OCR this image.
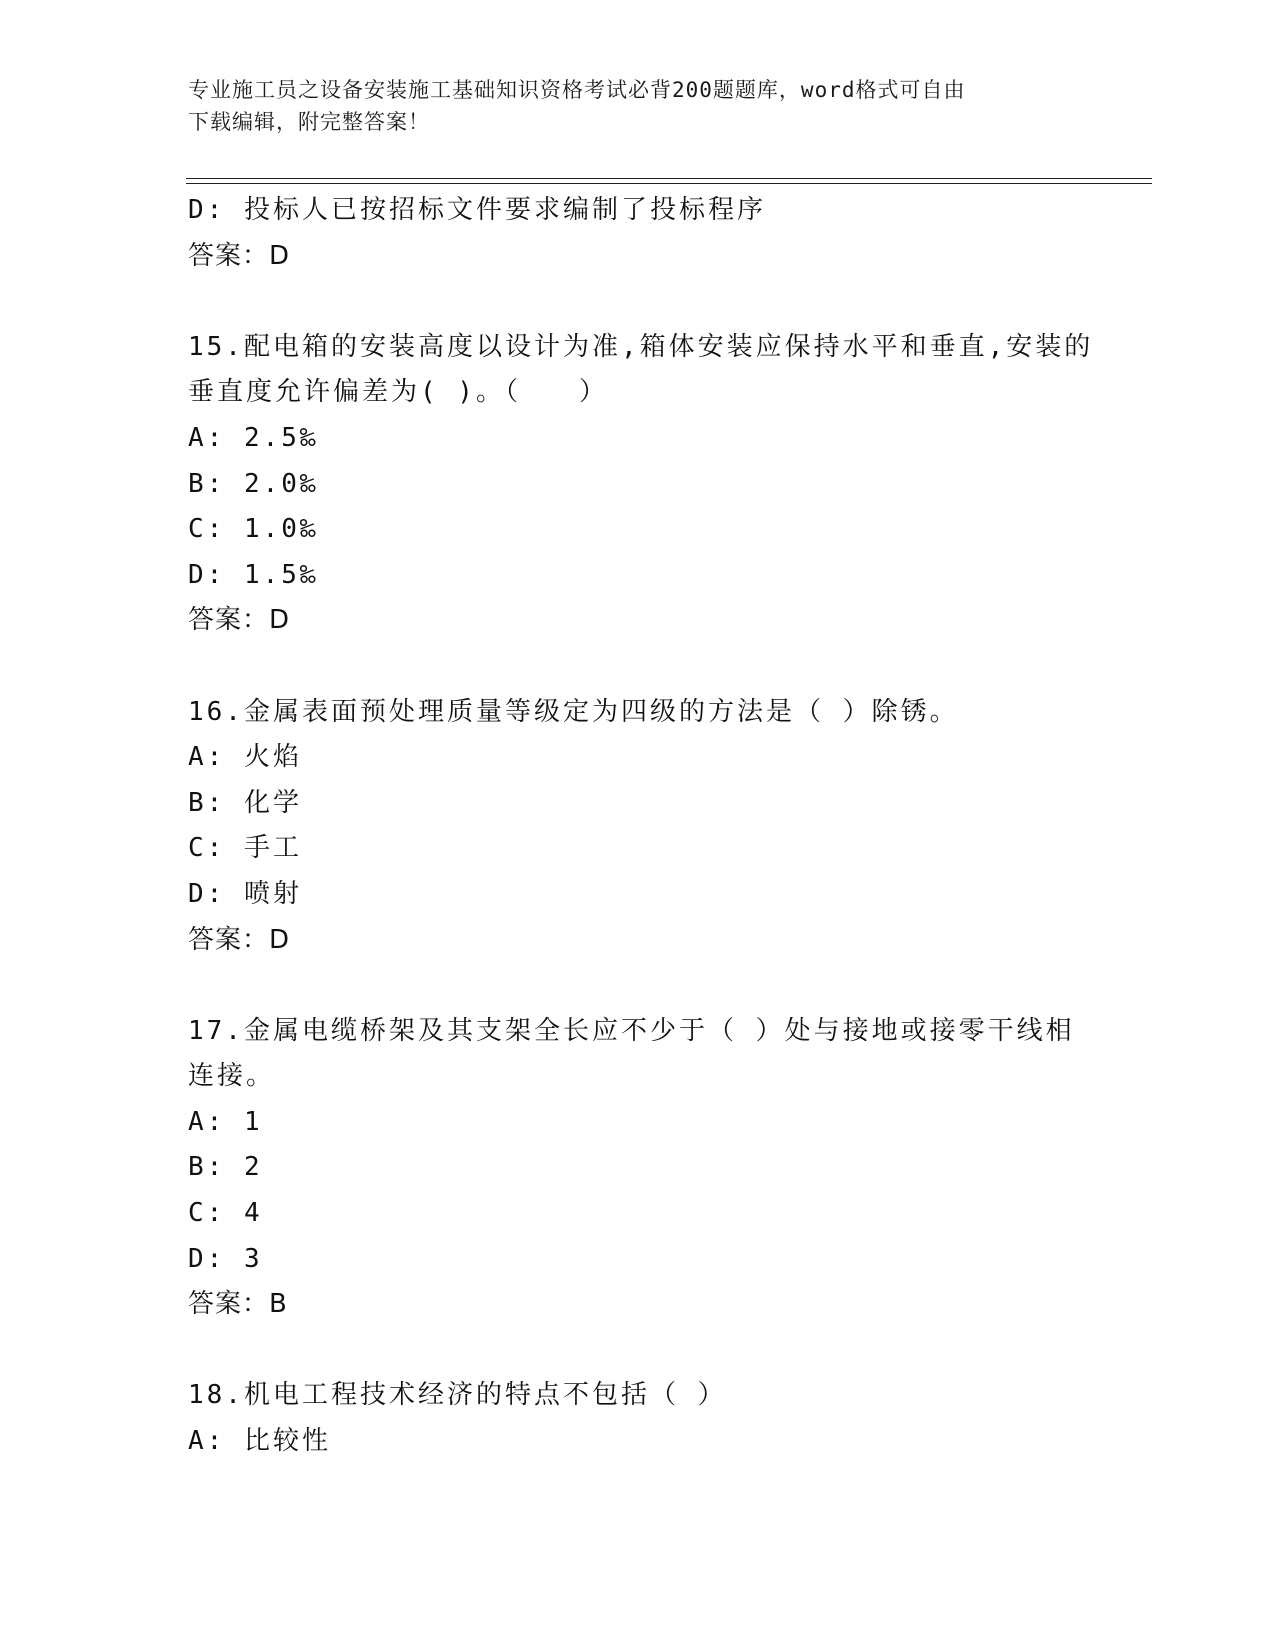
专业施工员之设备安装施工基础知识资格考试必背200题题库，word格式可自由
下载编辑，附完整答案！
D: 投标人已按招标文件要求编制了投标程序
答案：D
15.配电箱的安装高度以设计为准,箱体安装应保持水平和垂直,安装的
垂直度允许偏差为( )。（　　）
A: 2.5‰
B: 2.0‰
C: 1.0‰
D: 1.5‰
答案：D
16.金属表面预处理质量等级定为四级的方法是（ ）除锈。
A: 火焰
B: 化学
C: 手工
D: 喷射
答案：D
17.金属电缆桥架及其支架全长应不少于（ ）处与接地或接零干线相
连接。
A: 1
B: 2
C: 4
D: 3
答案：B
18.机电工程技术经济的特点不包括（ ）
A: 比较性
